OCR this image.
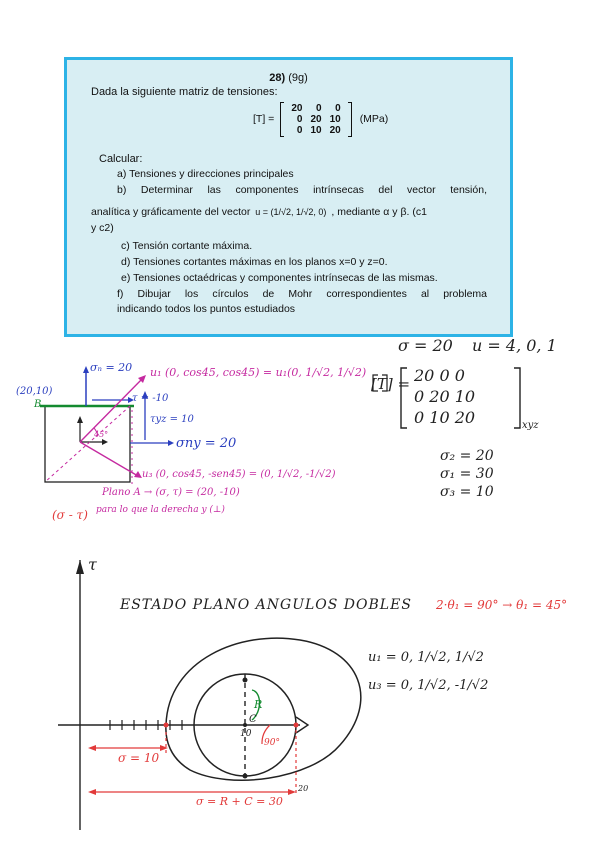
28) (9g)
Dada la siguiente matriz de tensiones:
[T] =
20	0	0
0	20	10
0	10	20
(MPa)
Calcular:
a) Tensiones y direcciones principales
b) Determinar las componentes intrínsecas del vector tensión,
analítica y gráficamente del vector u = (1/√2, 1/√2, 0) , mediante α y β. (c1
y c2)
c) Tensión cortante máxima.
d) Tensiones cortantes máximas en los planos x=0 y z=0.
e) Tensiones octaédricas y componentes intrínsecas de las mismas.
f) Dibujar los círculos de Mohr correspondientes al problema
indicando todos los puntos estudiados
σ = 20 u = 4, 0, 1
[T] = 20 0 0
0 20 10
0 10 20	xyz
σ₂ = 20
σ₁ = 30
σ₃ = 10
σₙ = 20 u₁ (0, cos45, cos45) = u₁(0, 1/√2, 1/√2)
τ = -10
(20,10)
B
τyz = 10
σny = 20
45°
u₃ (0, cos45, -sen45) = (0, 1/√2, -1/√2)
Plano A → (σ, τ) = (20, -10)
(σ - τ) para lo que la derecha y (⊥)
τ
ESTADO PLANO ANGULOS DOBLES 2·θ₁ = 90° → θ₁ = 45°
u₁ = 0, 1/√2, 1/√2
u₃ = 0, 1/√2, -1/√2
R
C
10
90°
σ = 10
σ = R + C = 30
20
